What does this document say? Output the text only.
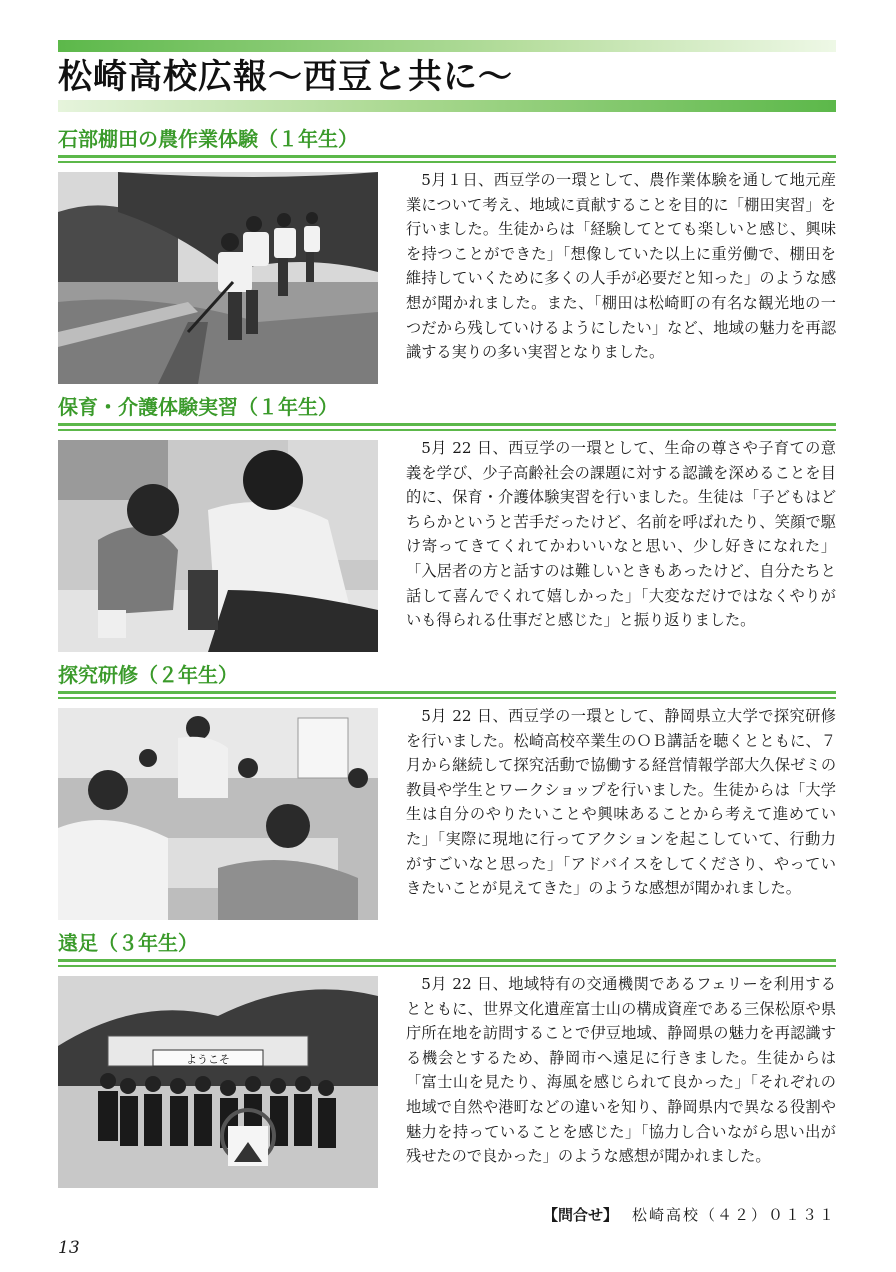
松崎高校広報～西豆と共に～
石部棚田の農作業体験（１年生）

5月１日、西豆学の一環として、農作業体験を通して地元産業について考え、地域に貢献することを目的に「棚田実習」を行いました。生徒からは「経験してとても楽しいと感じ、興味を持つことができた」「想像していた以上に重労働で、棚田を維持していくために多くの人手が必要だと知った」のような感想が聞かれました。また、「棚田は松崎町の有名な観光地の一つだから残していけるようにしたい」など、地域の魅力を再認識する実りの多い実習となりました。

保育・介護体験実習（１年生）

5月 22 日、西豆学の一環として、生命の尊さや子育ての意義を学び、少子高齢社会の課題に対する認識を深めることを目的に、保育・介護体験実習を行いました。生徒は「子どもはどちらかというと苦手だったけど、名前を呼ばれたり、笑顔で駆け寄ってきてくれてかわいいなと思い、少し好きになれた」「入居者の方と話すのは難しいときもあったけど、自分たちと話して喜んでくれて嬉しかった」「大変なだけではなくやりがいも得られる仕事だと感じた」と振り返りました。

探究研修（２年生）

5月 22 日、西豆学の一環として、静岡県立大学で探究研修を行いました。松崎高校卒業生のＯＢ講話を聴くとともに、７月から継続して探究活動で協働する経営情報学部大久保ゼミの教員や学生とワークショップを行いました。生徒からは「大学生は自分のやりたいことや興味あることから考えて進めていた」「実際に現地に行ってアクションを起こしていて、行動力がすごいなと思った」「アドバイスをしてくださり、やっていきたいことが見えてきた」のような感想が聞かれました。

遠足（３年生）
ようこそ

5月 22 日、地域特有の交通機関であるフェリーを利用するとともに、世界文化遺産富士山の構成資産である三保松原や県庁所在地を訪問することで伊豆地域、静岡県の魅力を再認識する機会とするため、静岡市へ遠足に行きました。生徒からは「富士山を見たり、海風を感じられて良かった」「それぞれの地域で自然や港町などの違いを知り、静岡県内で異なる役割や魅力を持っていることを感じた」「協力し合いながら思い出が残せたので良かった」のような感想が聞かれました。

【問合せ】 松崎高校（４２）０１３１
13
